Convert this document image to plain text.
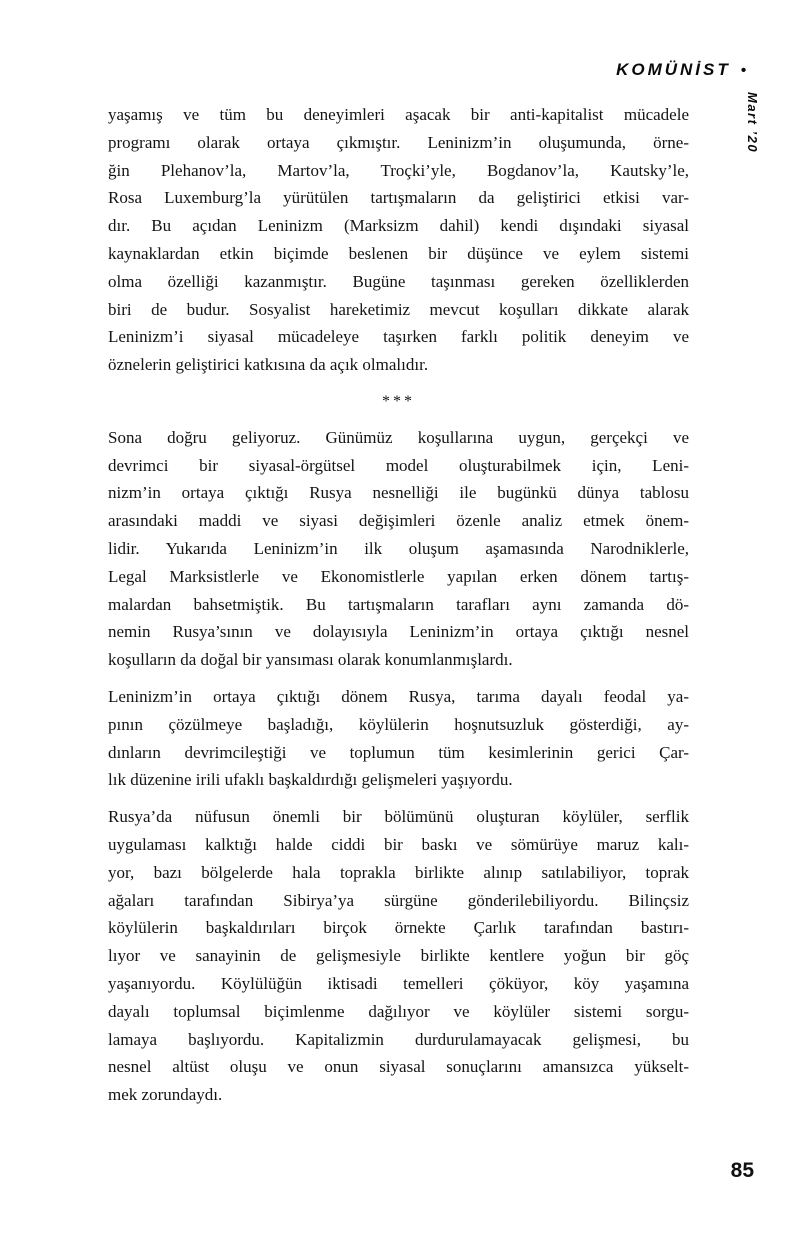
KOMÜNİST •
Mart ’20
yaşamış ve tüm bu deneyimleri aşacak bir anti-kapitalist mücadele
programı olarak ortaya çıkmıştır. Leninizm’in oluşumunda, örne-
ğin Plehanov’la, Martov’la, Troçki’yle, Bogdanov’la, Kautsky’le,
Rosa Luxemburg’la yürütülen tartışmaların da geliştirici etkisi var-
dır. Bu açıdan Leninizm (Marksizm dahil) kendi dışındaki siyasal
kaynaklardan etkin biçimde beslenen bir düşünce ve eylem sistemi
olma özelliği kazanmıştır. Bugüne taşınması gereken özelliklerden
biri de budur. Sosyalist hareketimiz mevcut koşulları dikkate alarak
Leninizm’i siyasal mücadeleye taşırken farklı politik deneyim ve
öznelerin geliştirici katkısına da açık olmalıdır.
***
Sona doğru geliyoruz. Günümüz koşullarına uygun, gerçekçi ve
devrimci bir siyasal-örgütsel model oluşturabilmek için, Leni-
nizm’in ortaya çıktığı Rusya nesnelliği ile bugünkü dünya tablosu
arasındaki maddi ve siyasi değişimleri özenle analiz etmek önem-
lidir. Yukarıda Leninizm’in ilk oluşum aşamasında Narodniklerle,
Legal Marksistlerle ve Ekonomistlerle yapılan erken dönem tartış-
malardan bahsetmiştik. Bu tartışmaların tarafları aynı zamanda dö-
nemin Rusya’sının ve dolayısıyla Leninizm’in ortaya çıktığı nesnel
koşulların da doğal bir yansıması olarak konumlanmışlardı.
Leninizm’in ortaya çıktığı dönem Rusya, tarıma dayalı feodal ya-
pının çözülmeye başladığı, köylülerin hoşnutsuzluk gösterdiği, ay-
dınların devrimcileştiği ve toplumun tüm kesimlerinin gerici Çar-
lık düzenine irili ufaklı başkaldırdığı gelişmeleri yaşıyordu.
Rusya’da nüfusun önemli bir bölümünü oluşturan köylüler, serflik
uygulaması kalktığı halde ciddi bir baskı ve sömürüye maruz kalı-
yor, bazı bölgelerde hala toprakla birlikte alınıp satılabiliyor, toprak
ağaları tarafından Sibirya’ya sürgüne gönderilebiliyordu. Bilinçsiz
köylülerin başkaldırıları birçok örnekte Çarlık tarafından bastırı-
lıyor ve sanayinin de gelişmesiyle birlikte kentlere yoğun bir göç
yaşanıyordu. Köylülüğün iktisadi temelleri çöküyor, köy yaşamına
dayalı toplumsal biçimlenme dağılıyor ve köylüler sistemi sorgu-
lamaya başlıyordu. Kapitalizmin durdurulamayacak gelişmesi, bu
nesnel altüst oluşu ve onun siyasal sonuçlarını amansızca yükselt-
mek zorundaydı.
85
